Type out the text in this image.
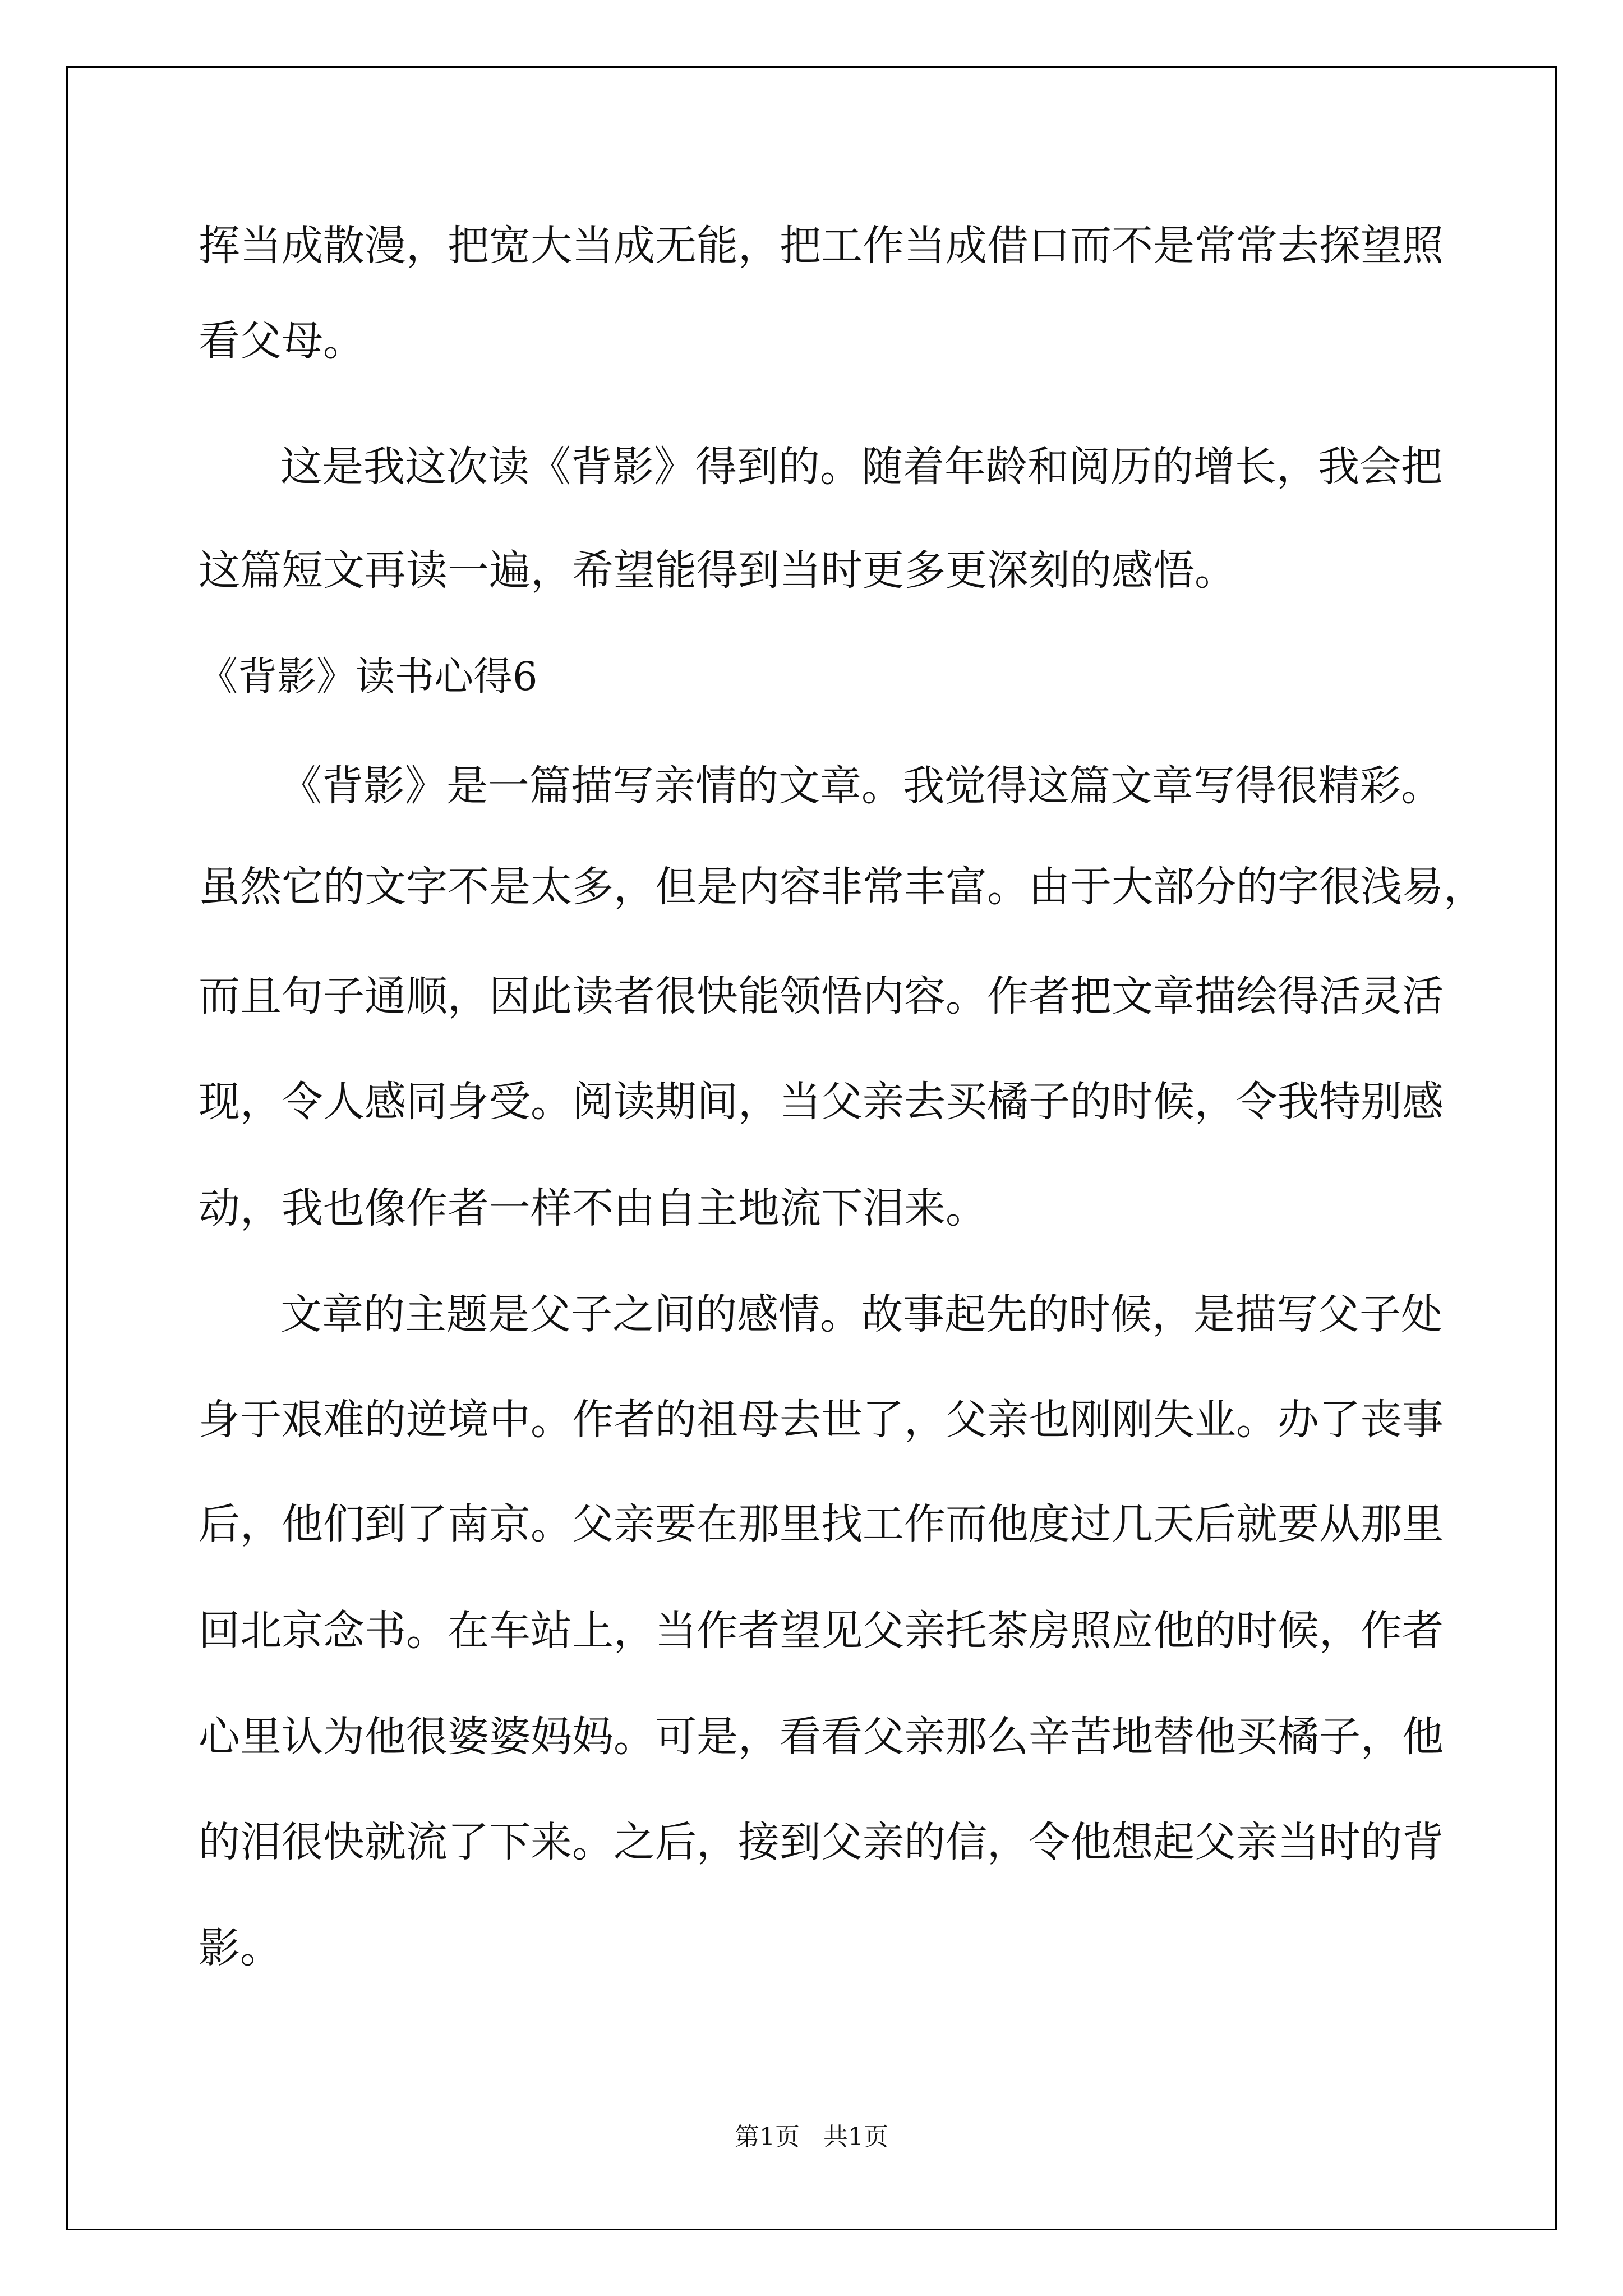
挥当成散漫，把宽大当成无能，把工作当成借口而不是常常去探望照
看父母。
这是我这次读《背影》得到的。随着年龄和阅历的增长，我会把
这篇短文再读一遍，希望能得到当时更多更深刻的感悟。
《背影》读书心得6
《背影》是一篇描写亲情的文章。我觉得这篇文章写得很精彩。
虽然它的文字不是太多，但是内容非常丰富。由于大部分的字很浅易，
而且句子通顺，因此读者很快能领悟内容。作者把文章描绘得活灵活
现，令人感同身受。阅读期间，当父亲去买橘子的时候，令我特别感
动，我也像作者一样不由自主地流下泪来。
文章的主题是父子之间的感情。故事起先的时候，是描写父子处
身于艰难的逆境中。作者的祖母去世了，父亲也刚刚失业。办了丧事
后，他们到了南京。父亲要在那里找工作而他度过几天后就要从那里
回北京念书。在车站上，当作者望见父亲托茶房照应他的时候，作者
心里认为他很婆婆妈妈。可是，看看父亲那么辛苦地替他买橘子，他
的泪很快就流了下来。之后，接到父亲的信，令他想起父亲当时的背
影。
第1页   共1页
